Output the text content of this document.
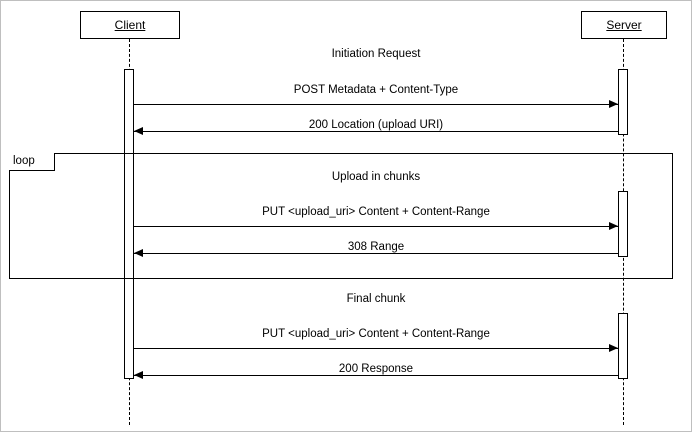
Client	Server
loop
Initiation Request
POST Metadata + Content-Type
200 Location (upload URI)
Upload in chunks
PUT <upload_uri> Content + Content-Range
308 Range
Final chunk
PUT <upload_uri> Content + Content-Range
200 Response
